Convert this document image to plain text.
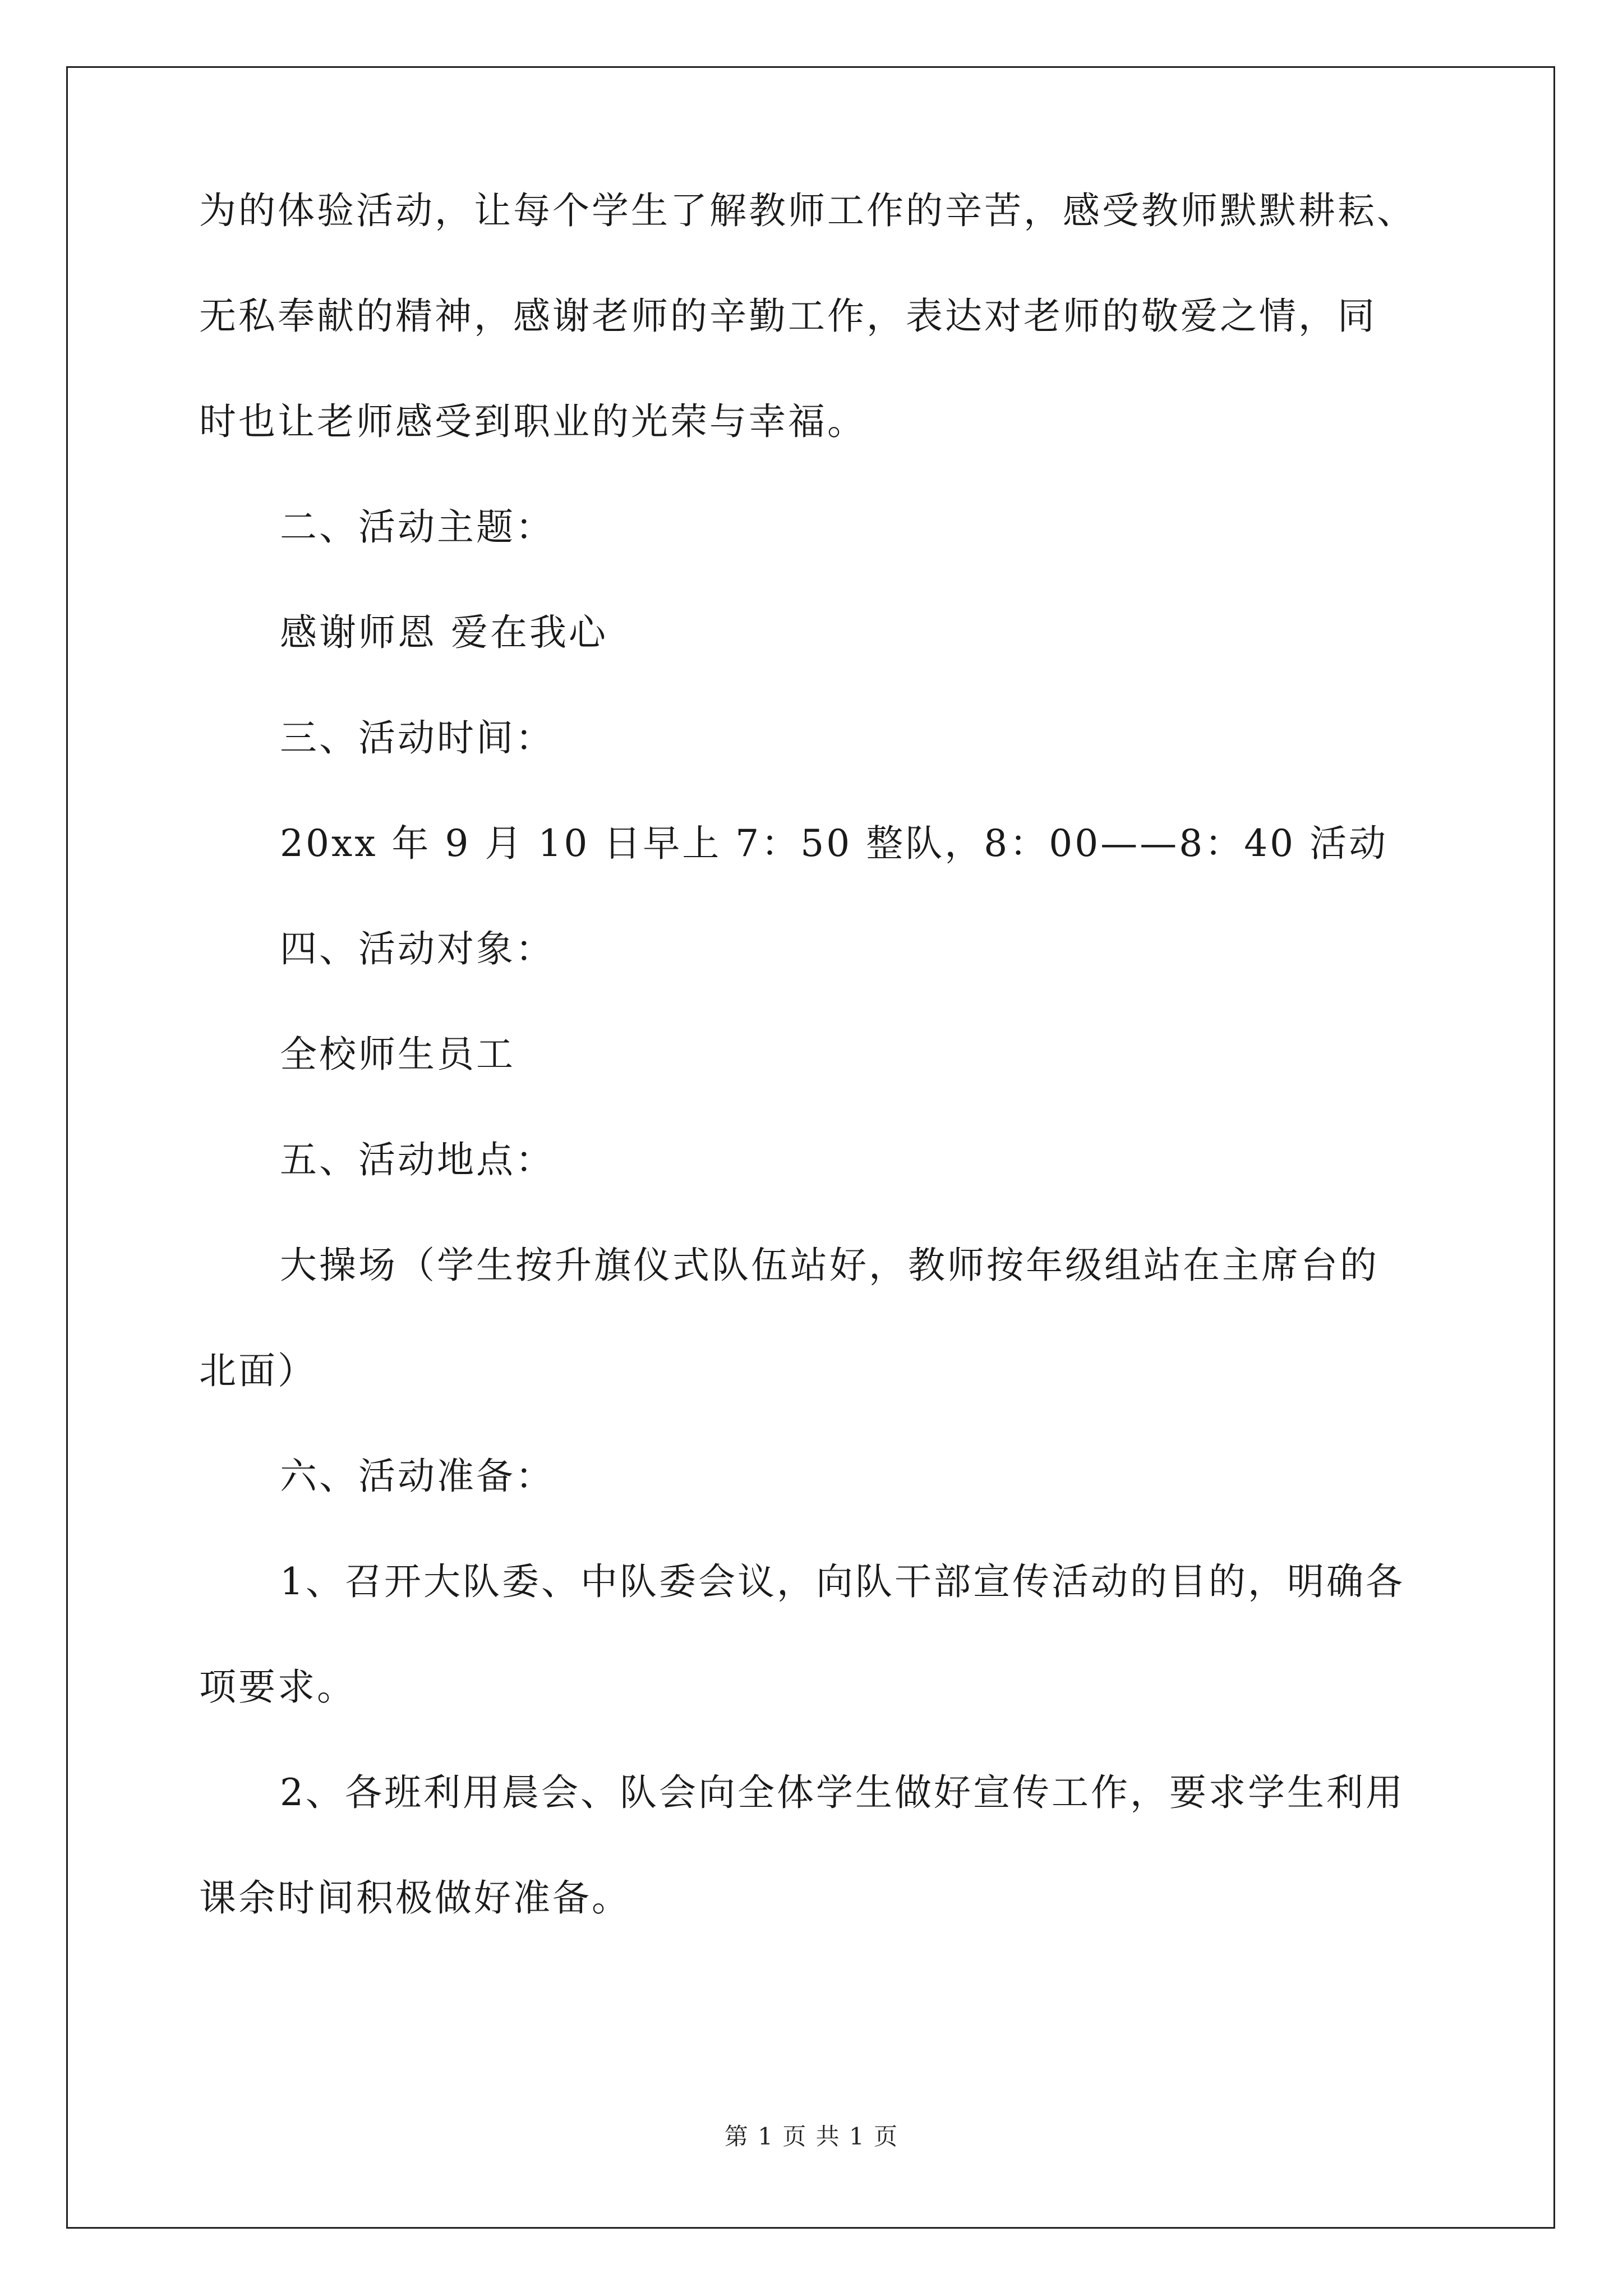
为的体验活动，让每个学生了解教师工作的辛苦，感受教师默默耕耘、

无私奉献的精神，感谢老师的辛勤工作，表达对老师的敬爱之情，同

时也让老师感受到职业的光荣与幸福。

二、活动主题：

感谢师恩 爱在我心

三、活动时间：

20xx 年 9 月 10 日早上 7：50 整队，8：00——8：40 活动

四、活动对象：

全校师生员工

五、活动地点：

大操场（学生按升旗仪式队伍站好，教师按年级组站在主席台的

北面）

六、活动准备：

1、召开大队委、中队委会议，向队干部宣传活动的目的，明确各

项要求。

2、各班利用晨会、队会向全体学生做好宣传工作，要求学生利用

课余时间积极做好准备。

第 1 页 共 1 页
